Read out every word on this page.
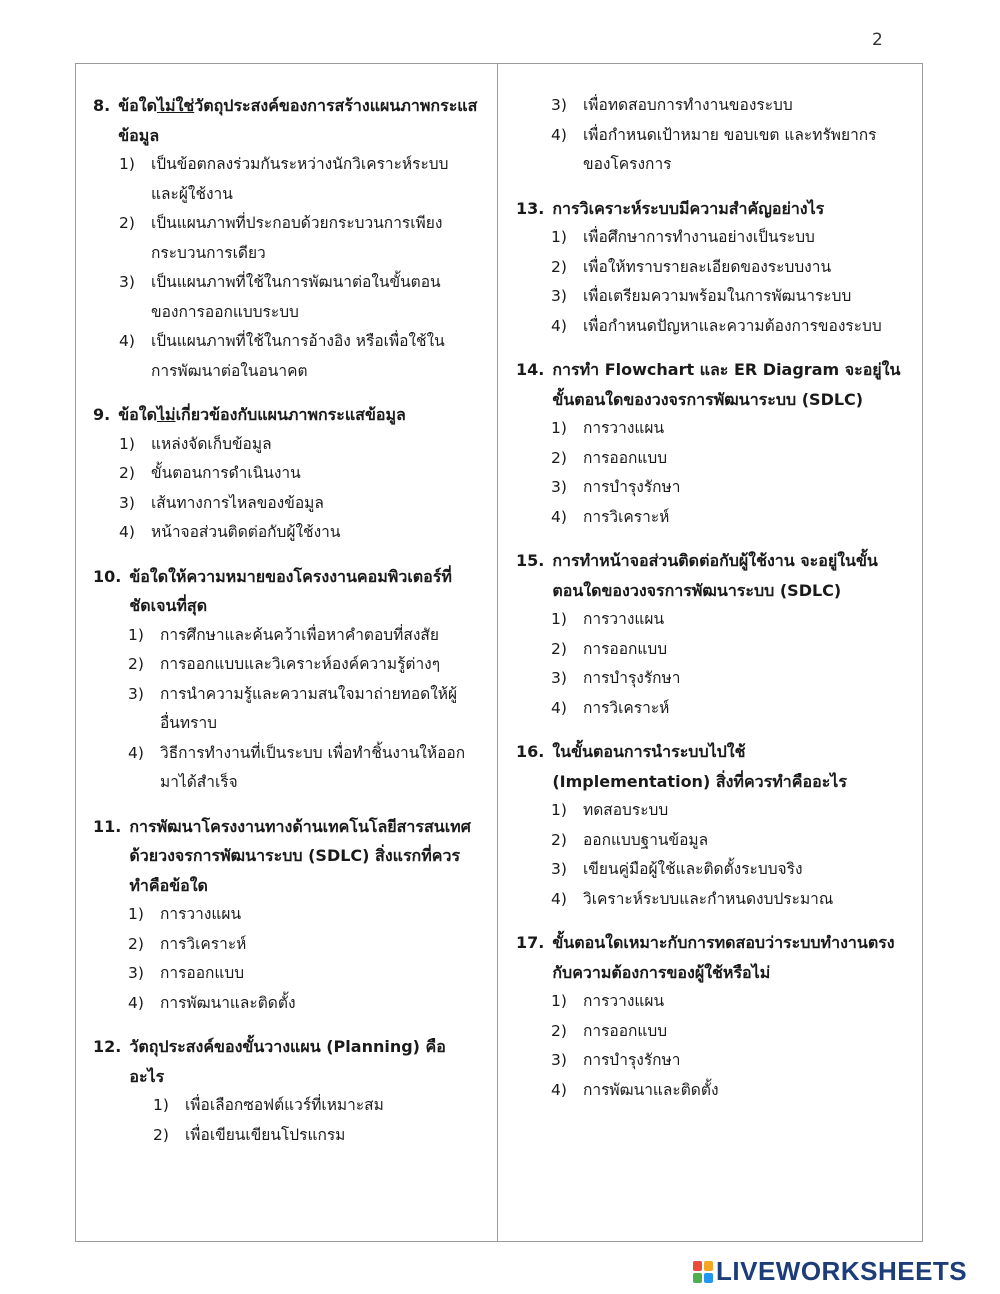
2
8. ข้อใดไม่ใช่วัตถุประสงค์ของการสร้างแผนภาพกระแสข้อมูล
1)	เป็นข้อตกลงร่วมกันระหว่างนักวิเคราะห์ระบบและผู้ใช้งาน
2)	เป็นแผนภาพที่ประกอบด้วยกระบวนการเพียงกระบวนการเดียว
3)	เป็นแผนภาพที่ใช้ในการพัฒนาต่อในขั้นตอนของการออกแบบระบบ
4)	เป็นแผนภาพที่ใช้ในการอ้างอิง หรือเพื่อใช้ในการพัฒนาต่อในอนาคต
9. ข้อใดไม่เกี่ยวข้องกับแผนภาพกระแสข้อมูล
1)	แหล่งจัดเก็บข้อมูล
2)	ขั้นตอนการดำเนินงาน
3)	เส้นทางการไหลของข้อมูล
4)	หน้าจอส่วนติดต่อกับผู้ใช้งาน
10. ข้อใดให้ความหมายของโครงงานคอมพิวเตอร์ที่ชัดเจนที่สุด
1)	การศึกษาและค้นคว้าเพื่อหาคำตอบที่สงสัย
2)	การออกแบบและวิเคราะห์องค์ความรู้ต่างๆ
3)	การนำความรู้และความสนใจมาถ่ายทอดให้ผู้อื่นทราบ
4)	วิธีการทำงานที่เป็นระบบ เพื่อทำชิ้นงานให้ออกมาได้สำเร็จ
11. การพัฒนาโครงงานทางด้านเทคโนโลยีสารสนเทศด้วยวงจรการพัฒนาระบบ (SDLC) สิ่งแรกที่ควรทำคือข้อใด
1)	การวางแผน
2)	การวิเคราะห์
3)	การออกแบบ
4)	การพัฒนาและติดตั้ง
12. วัตถุประสงค์ของขั้นวางแผน (Planning) คืออะไร
1)	เพื่อเลือกซอฟต์แวร์ที่เหมาะสม
2)	เพื่อเขียนเขียนโปรแกรม
3)	เพื่อทดสอบการทำงานของระบบ
4)	เพื่อกำหนดเป้าหมาย ขอบเขต และทรัพยากรของโครงการ
13. การวิเคราะห์ระบบมีความสำคัญอย่างไร
1)	เพื่อศึกษาการทำงานอย่างเป็นระบบ
2)	เพื่อให้ทราบรายละเอียดของระบบงาน
3)	เพื่อเตรียมความพร้อมในการพัฒนาระบบ
4)	เพื่อกำหนดปัญหาและความต้องการของระบบ
14. การทำ Flowchart และ ER Diagram จะอยู่ในขั้นตอนใดของวงจรการพัฒนาระบบ (SDLC)
1)	การวางแผน
2)	การออกแบบ
3)	การบำรุงรักษา
4)	การวิเคราะห์
15. การทำหน้าจอส่วนติดต่อกับผู้ใช้งาน จะอยู่ในขั้นตอนใดของวงจรการพัฒนาระบบ (SDLC)
1)	การวางแผน
2)	การออกแบบ
3)	การบำรุงรักษา
4)	การวิเคราะห์
16. ในขั้นตอนการนำระบบไปใช้ (Implementation) สิ่งที่ควรทำคืออะไร
1)	ทดสอบระบบ
2)	ออกแบบฐานข้อมูล
3)	เขียนคู่มือผู้ใช้และติดตั้งระบบจริง
4)	วิเคราะห์ระบบและกำหนดงบประมาณ
17. ขั้นตอนใดเหมาะกับการทดสอบว่าระบบทำงานตรงกับความต้องการของผู้ใช้หรือไม่
1)	การวางแผน
2)	การออกแบบ
3)	การบำรุงรักษา
4)	การพัฒนาและติดตั้ง
LIVEWORKSHEETS
